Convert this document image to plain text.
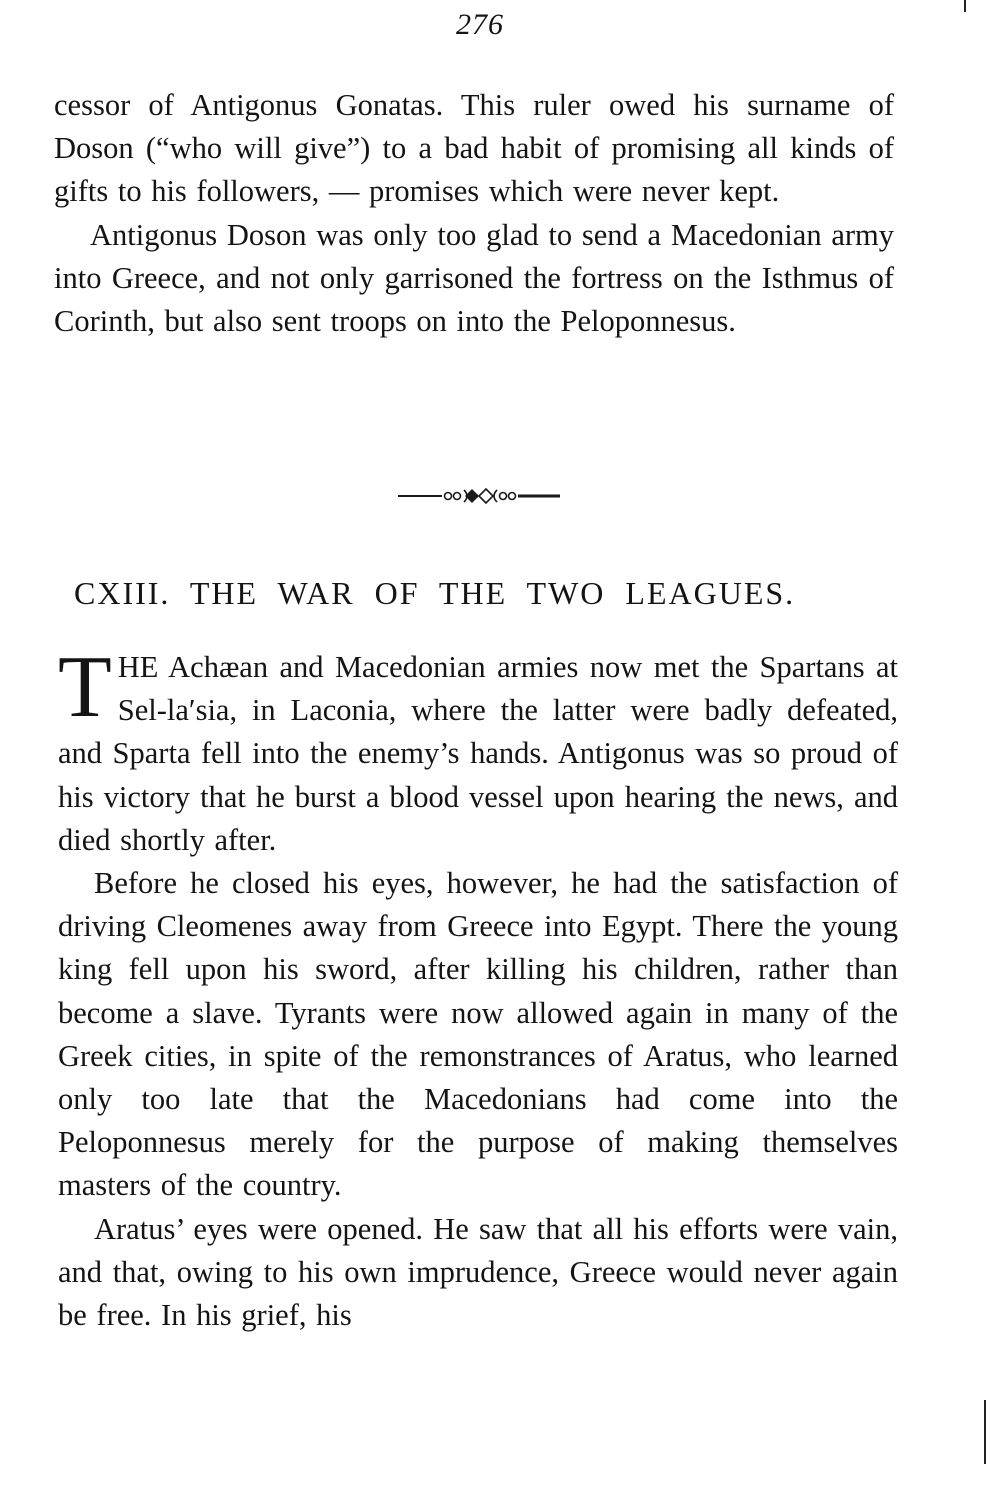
276

cessor of Antigonus Gonatas. This ruler owed his surname of Doson (“who will give”) to a bad habit of promising all kinds of gifts to his followers, — promises which were never kept.

Antigonus Doson was only too glad to send a Macedonian army into Greece, and not only garrisoned the fortress on the Isthmus of Corinth, but also sent troops on into the Peloponnesus.

CXIII. THE WAR OF THE TWO LEAGUES.

THE Achæan and Macedonian armies now met the Spartans at Sel-la′sia, in Laconia, where the latter were badly defeated, and Sparta fell into the enemy’s hands. Antigonus was so proud of his victory that he burst a blood vessel upon hearing the news, and died shortly after.

Before he closed his eyes, however, he had the satisfaction of driving Cleomenes away from Greece into Egypt. There the young king fell upon his sword, after killing his children, rather than become a slave. Tyrants were now allowed again in many of the Greek cities, in spite of the remonstrances of Aratus, who learned only too late that the Macedonians had come into the Peloponnesus merely for the purpose of making themselves masters of the country.

Aratus’ eyes were opened. He saw that all his efforts were vain, and that, owing to his own imprudence, Greece would never again be free. In his grief, his
